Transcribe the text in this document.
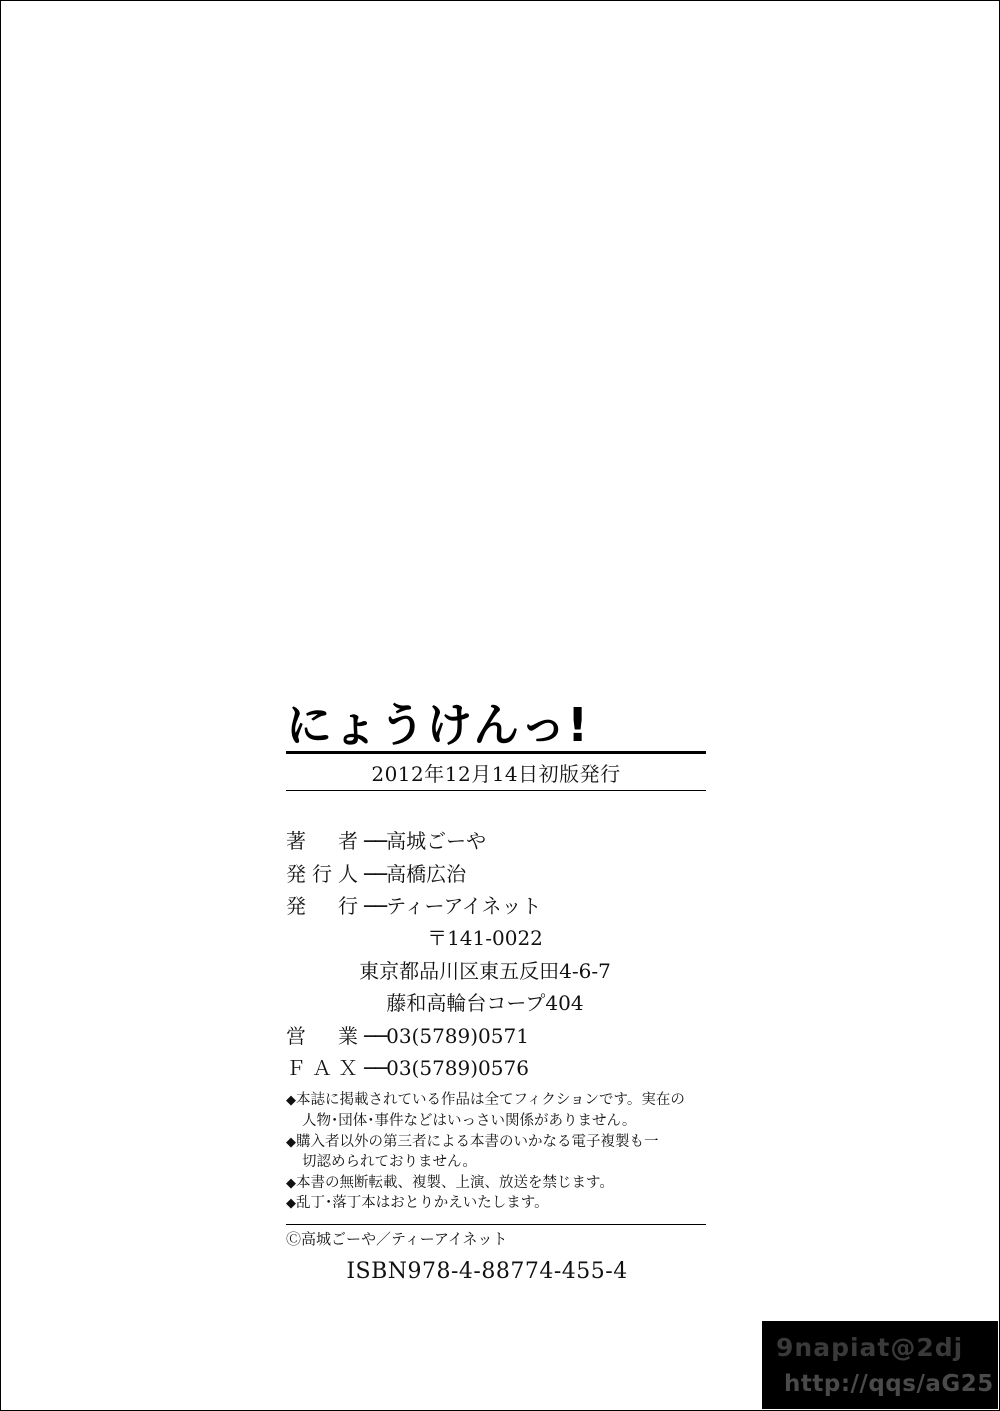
にょうけんっ!
2012年12月14日初版発行
著　者──高城ごーや
発行人──高橋広治
発　行──ティーアイネット
〒141-0022
東京都品川区東五反田4-6-7
藤和高輪台コープ404
営　業──03(5789)0571
ＦＡＸ──03(5789)0576
◆本誌に掲載されている作品は全てフィクションです。実在の
人物･団体･事件などはいっさい関係がありません。
◆購入者以外の第三者による本書のいかなる電子複製も一
切認められておりません。
◆本書の無断転載、複製、上演、放送を禁じます。
◆乱丁･落丁本はおとりかえいたします。
Ⓒ高城ごーや／ティーアイネット
ISBN978-4-88774-455-4
9napiat@2dj
http://qqs/aG25
